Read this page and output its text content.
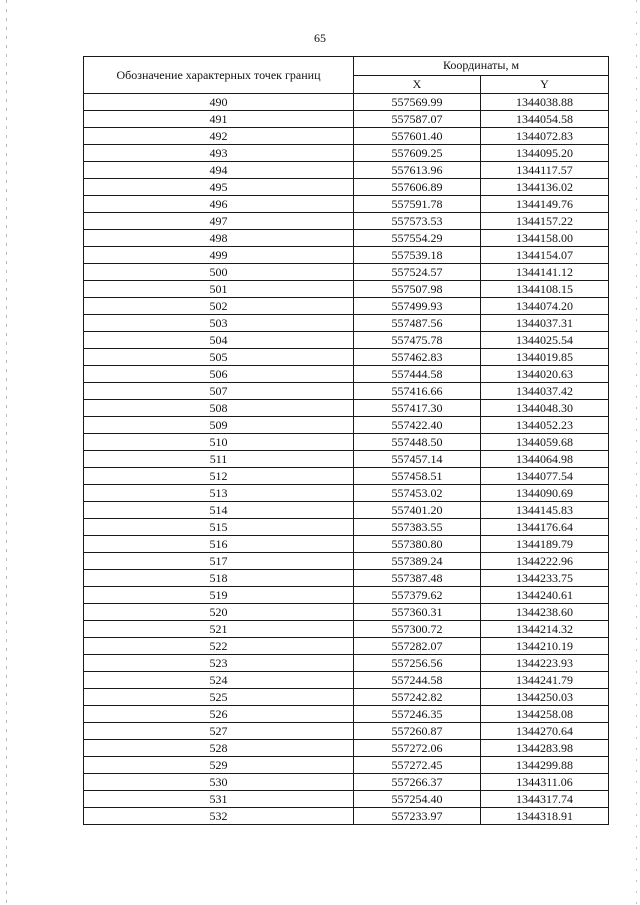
65
Обозначение характерных точек границ	Координаты, м	
	X	Y
490	557569.99	1344038.88
491	557587.07	1344054.58
492	557601.40	1344072.83
493	557609.25	1344095.20
494	557613.96	1344117.57
495	557606.89	1344136.02
496	557591.78	1344149.76
497	557573.53	1344157.22
498	557554.29	1344158.00
499	557539.18	1344154.07
500	557524.57	1344141.12
501	557507.98	1344108.15
502	557499.93	1344074.20
503	557487.56	1344037.31
504	557475.78	1344025.54
505	557462.83	1344019.85
506	557444.58	1344020.63
507	557416.66	1344037.42
508	557417.30	1344048.30
509	557422.40	1344052.23
510	557448.50	1344059.68
511	557457.14	1344064.98
512	557458.51	1344077.54
513	557453.02	1344090.69
514	557401.20	1344145.83
515	557383.55	1344176.64
516	557380.80	1344189.79
517	557389.24	1344222.96
518	557387.48	1344233.75
519	557379.62	1344240.61
520	557360.31	1344238.60
521	557300.72	1344214.32
522	557282.07	1344210.19
523	557256.56	1344223.93
524	557244.58	1344241.79
525	557242.82	1344250.03
526	557246.35	1344258.08
527	557260.87	1344270.64
528	557272.06	1344283.98
529	557272.45	1344299.88
530	557266.37	1344311.06
531	557254.40	1344317.74
532	557233.97	1344318.91
